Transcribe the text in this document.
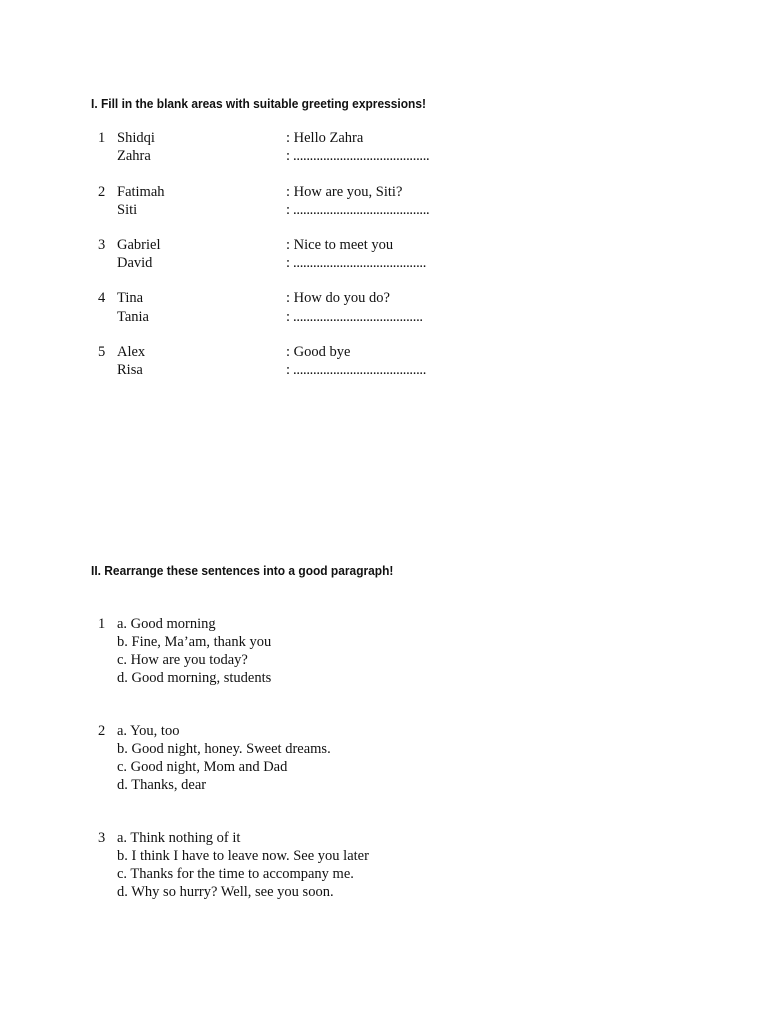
I. Fill in the blank areas with suitable greeting expressions!
1 Shidqi	: Hello Zahra
Zahra	: .........................................
2 Fatimah	: How are you, Siti?
Siti	: .........................................
3 Gabriel	: Nice to meet you
David	: ........................................
4 Tina	: How do you do?
Tania	: .......................................
5 Alex	: Good bye
Risa	: ........................................
II. Rearrange these sentences into a good paragraph!
1 a. Good morning
b. Fine, Ma’am, thank you
c. How are you today?
d. Good morning, students
2 a. You, too
b. Good night, honey. Sweet dreams.
c. Good night, Mom and Dad
d. Thanks, dear
3 a. Think nothing of it
b. I think I have to leave now. See you later
c. Thanks for the time to accompany me.
d. Why so hurry? Well, see you soon.
